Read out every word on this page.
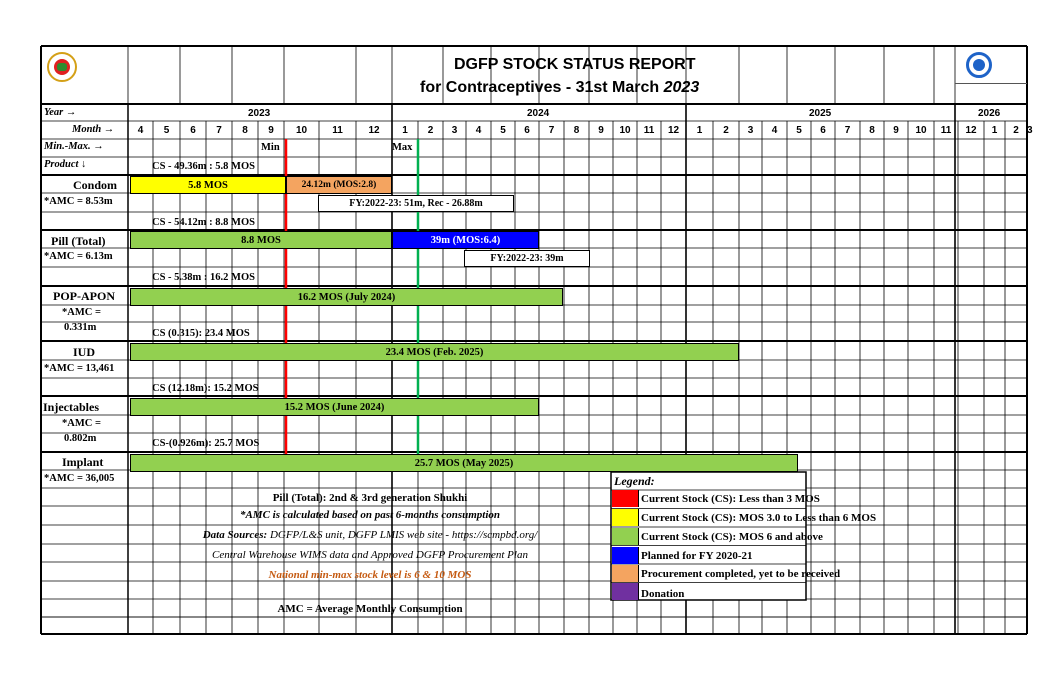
DGFP STOCK STATUS REPORT
for Contraceptives - 31st March 2023
Year →
Month →
Min.-Max. →
Product ↓
2023	2024	2025	2026
4	5	6	7	8	9	10	11	12	1	2	3	4	5	6	7	8	9	10	11	12	1	2	3	4	5	6	7	8	9	10	11	12	1	2 3
Min	Max
Condom
*AMC = 8.53m
CS - 49.36m : 5.8 MOS
5.8 MOS	24.12m (MOS:2.8)
FY:2022-23: 51m, Rec - 26.88m
Pill (Total)
*AMC = 6.13m
CS - 54.12m : 8.8 MOS
8.8 MOS	39m (MOS:6.4)
FY:2022-23: 39m
POP-APON
*AMC =
0.331m
CS - 5.38m : 16.2 MOS
16.2 MOS (July 2024)
IUD
*AMC = 13,461
CS (0.315): 23.4 MOS
23.4 MOS (Feb. 2025)
Injectables
*AMC =
0.802m
CS (12.18m): 15.2 MOS
15.2 MOS (June 2024)
Implant
*AMC = 36,005
CS-(0.926m): 25.7 MOS
25.7 MOS (May 2025)
Pill (Total): 2nd & 3rd generation Shukhi
*AMC is calculated based on past 6-months consumption
Data Sources: DGFP/L&S unit, DGFP LMIS web site - https://scmpbd.org/
Central Warehouse WIMS data and Approved DGFP Procurement Plan
National min-max stock level is 6 & 10 MOS
AMC = Average Monthly Consumption
Legend:
Current Stock (CS): Less than 3 MOS
Current Stock (CS): MOS 3.0 to Less than 6 MOS
Current Stock (CS): MOS 6 and above
Planned for FY 2020-21
Procurement completed, yet to be received
Donation
